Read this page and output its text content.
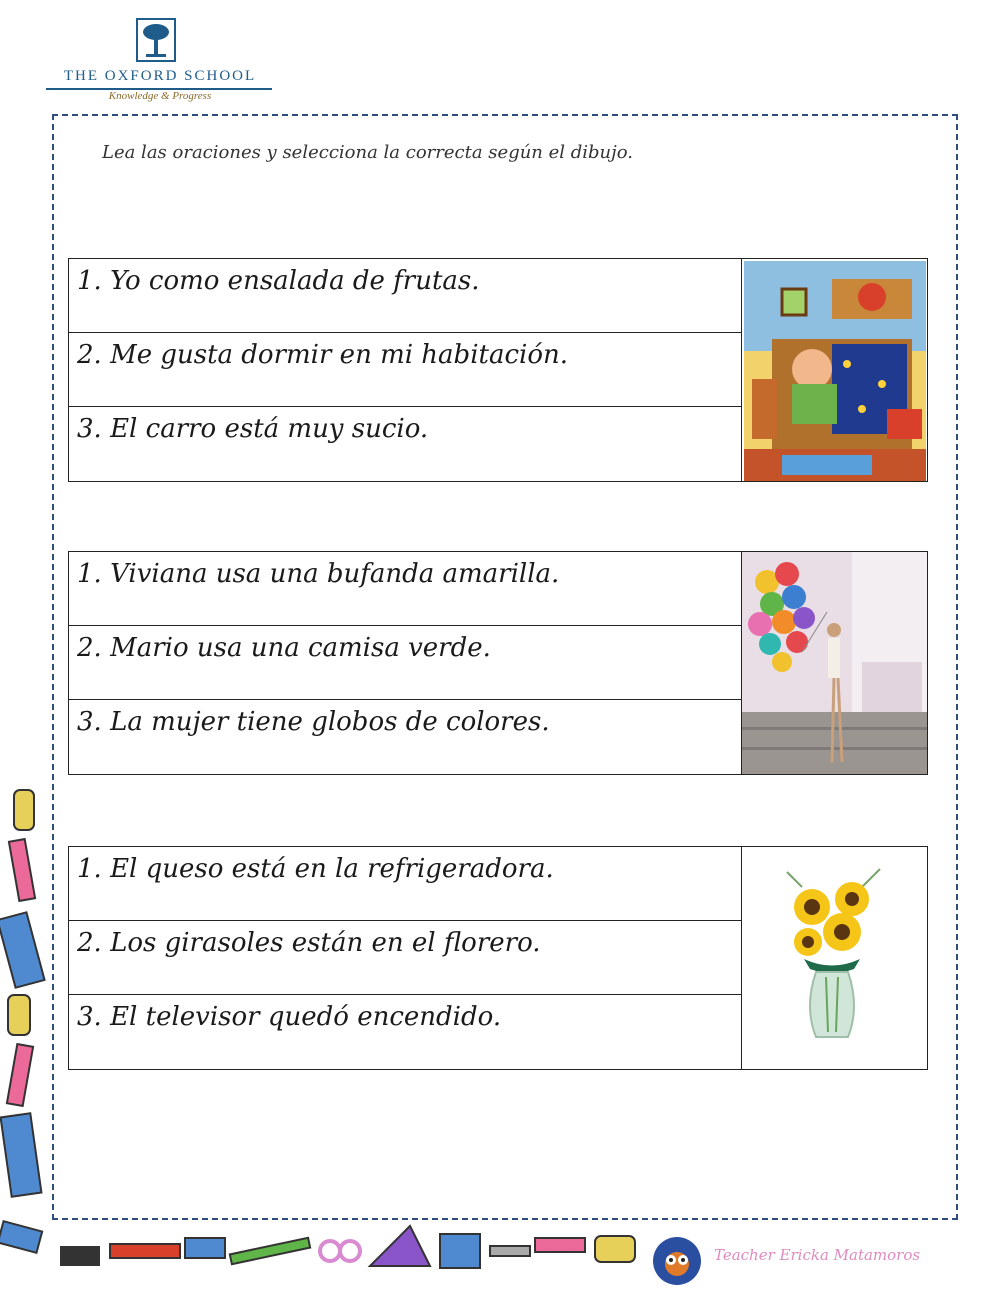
THE OXFORD SCHOOL
Knowledge & Progress
Lea las oraciones y selecciona la correcta según el dibujo.
1. Yo como ensalada de frutas.
2. Me gusta dormir en mi habitación.
3. El carro está muy sucio.
1. Viviana usa una bufanda amarilla.
2. Mario usa una camisa verde.
3. La mujer tiene globos de colores.
1. El queso está en la refrigeradora.
2. Los girasoles están en el florero.
3. El televisor quedó encendido.
Teacher Ericka Matamoros
